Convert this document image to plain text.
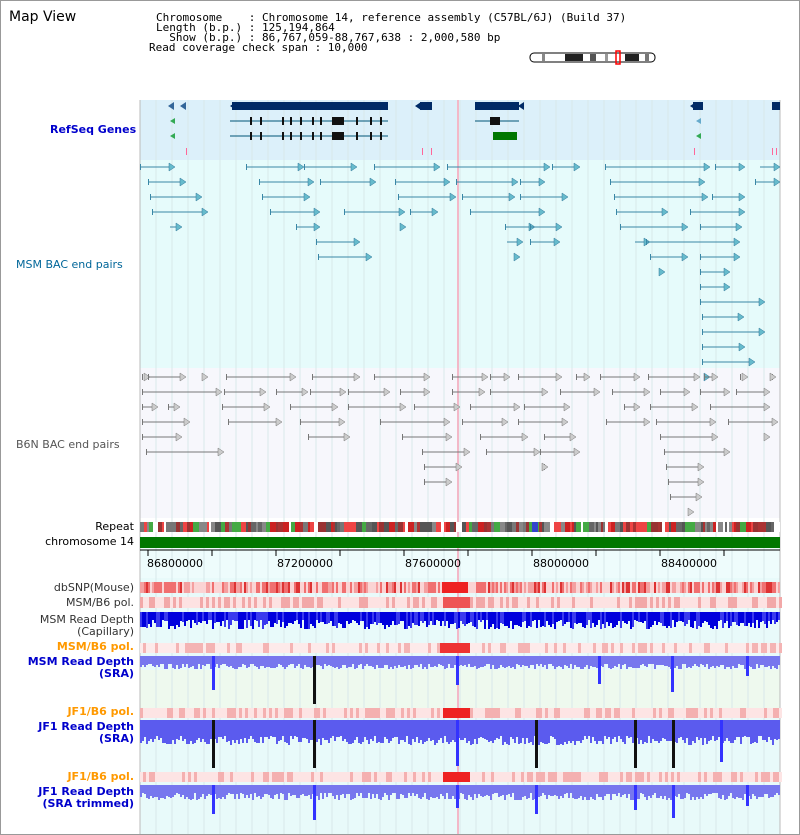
Map View	Chromosome    : Chromosome 14, reference assembly (C57BL/6J) (Build 37)
Length (b.p.) : 125,194,864
Show (b.p.) : 86,767,059-88,767,638 : 2,000,580 bp
Read coverage check span : 10,000
RefSeq Genes
MSM BAC end pairs
B6N BAC end pairs
Repeat
chromosome 14
dbSNP(Mouse)
MSM/B6 pol.
MSM Read Depth
(Capillary)
MSM/B6 pol.
MSM Read Depth
(SRA)
JF1/B6 pol.
JF1 Read Depth
(SRA)
JF1/B6 pol.
JF1 Read Depth
(SRA trimmed)
86800000	87200000	87600000	88000000	88400000
